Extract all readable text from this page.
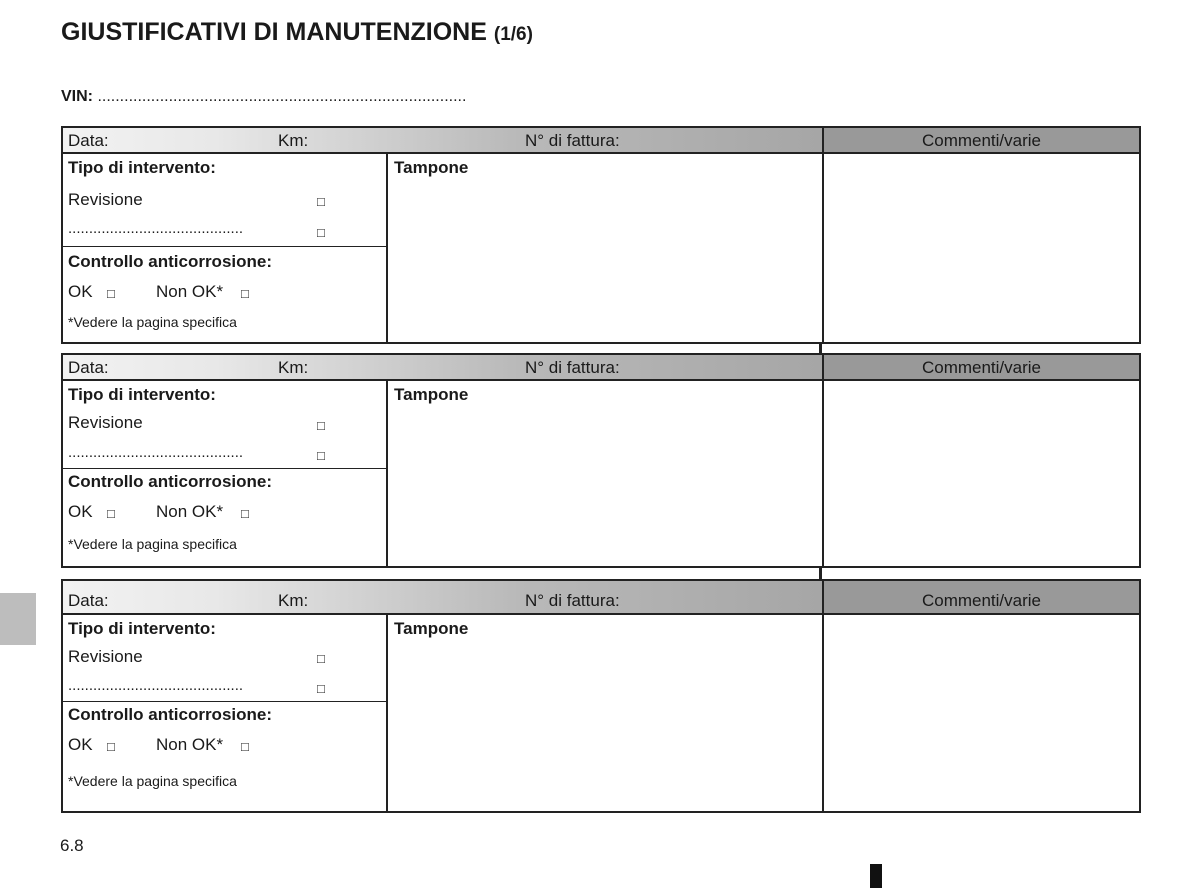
GIUSTIFICATIVI DI MANUTENZIONE (1/6)
VIN: ...................................................................................
6.8
Data:	Km:	N° di fattura:	Commenti/varie
Tipo di intervento:
Revisione	□
..........................................	□
Controllo anticorrosione:
OK □ Non OK* □
*Vedere la pagina specifica
Tampone
Data:	Km:	N° di fattura:	Commenti/varie
Tipo di intervento:
Revisione	□
..........................................	□
Controllo anticorrosione:
OK □ Non OK* □
*Vedere la pagina specifica
Tampone
Data:	Km:	N° di fattura:	Commenti/varie
Tipo di intervento:
Revisione	□
..........................................	□
Controllo anticorrosione:
OK □ Non OK* □
*Vedere la pagina specifica
Tampone
